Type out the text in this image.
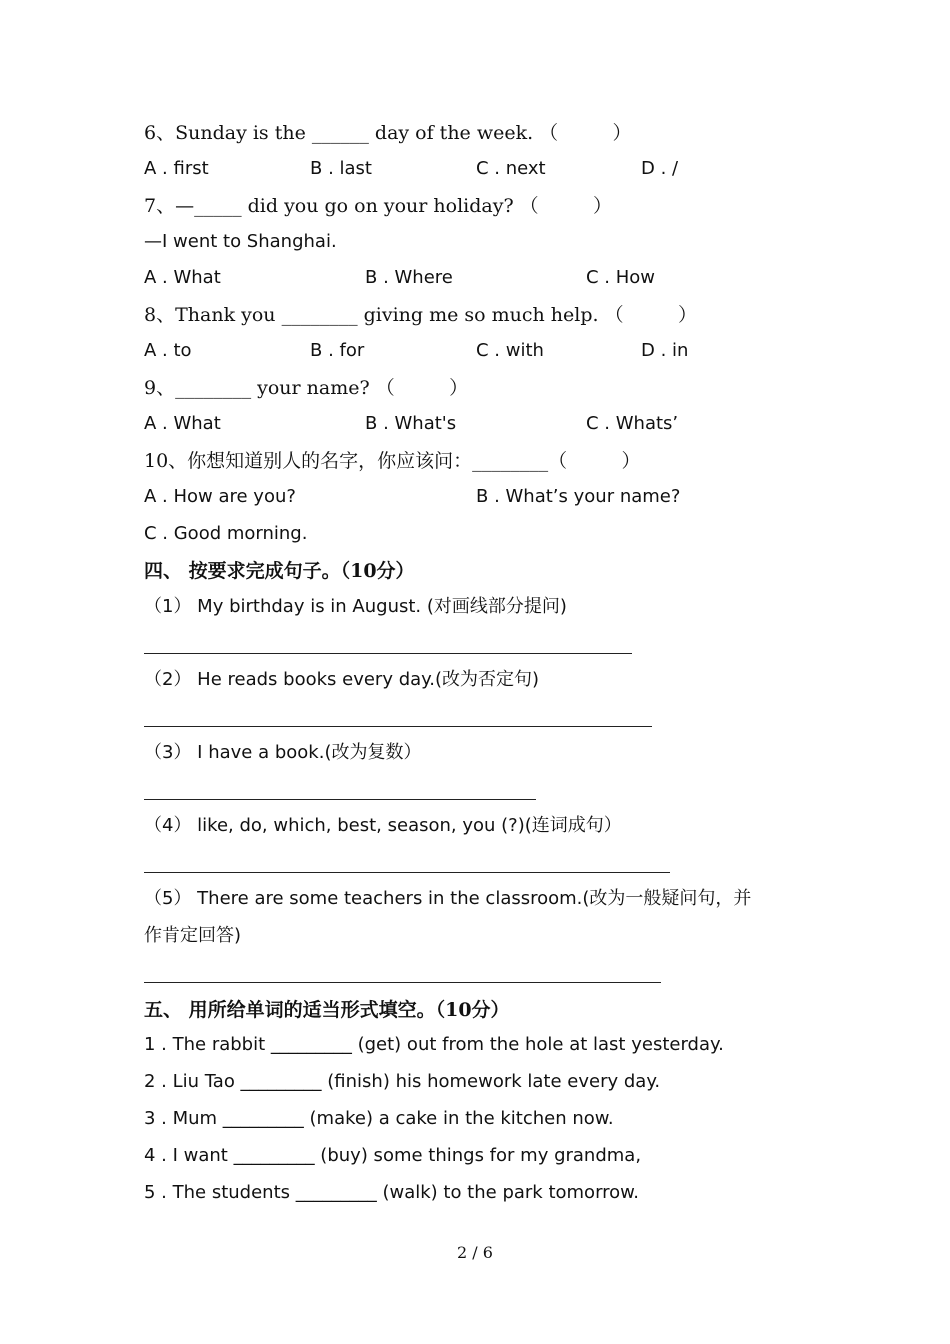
6、Sunday is the ______ day of the week. （         ）
A . first	B . last	C . next	D . /
7、—_____ did you go on your holiday? （         ）
—I went to Shanghai.
A . What	B . Where	C . How
8、Thank you ________ giving me so much help. （         ）
A . to	B . for	C . with	D . in
9、________ your name? （         ）
A . What	B . What's	C . Whats’
10、你想知道别人的名字，你应该问：________（         ）
A . How are you?	B . What’s your name?
C . Good morning.
四、 按要求完成句子。（10分）
（1） My birthday is in August. (对画线部分提问)
（2） He reads books every day.(改为否定句)
（3） I have a book.(改为复数）
（4） like, do, which, best, season, you (?)(连词成句）
（5） There are some teachers in the classroom.(改为一般疑问句，并
作肯定回答)
五、 用所给单词的适当形式填空。（10分）
1 . The rabbit _________ (get) out from the hole at last yesterday.
2 . Liu Tao _________ (finish) his homework late every day.
3 . Mum _________ (make) a cake in the kitchen now.
4 . I want _________ (buy) some things for my grandma,
5 . The students _________ (walk) to the park tomorrow.
2 / 6
